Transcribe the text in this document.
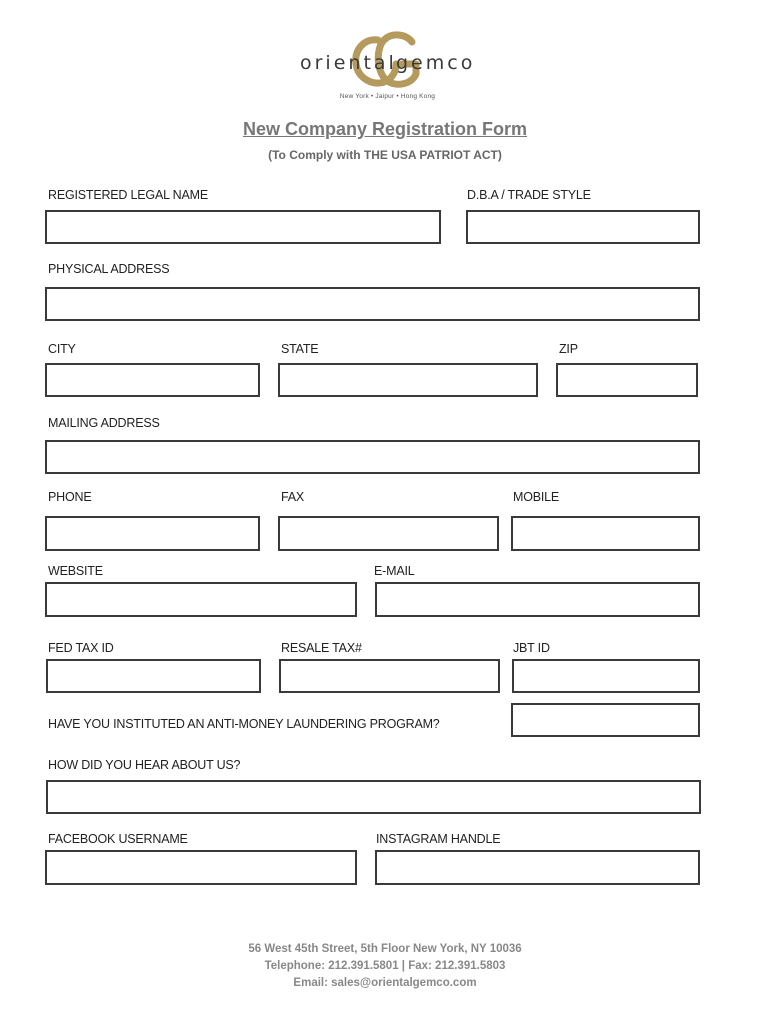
oriental gemco
New York • Jaipur • Hong Kong
New Company Registration Form
(To Comply with THE USA PATRIOT ACT)
REGISTERED LEGAL NAME	D.B.A / TRADE STYLE
PHYSICAL ADDRESS
CITY	STATE	ZIP
MAILING ADDRESS
PHONE	FAX	MOBILE
WEBSITE	E-MAIL
FED TAX ID	RESALE TAX#	JBT ID
HAVE YOU INSTITUTED AN ANTI-MONEY LAUNDERING PROGRAM?
HOW DID YOU HEAR ABOUT US?
FACEBOOK USERNAME	INSTAGRAM HANDLE
56 West 45th Street, 5th Floor New York, NY 10036
Telephone: 212.391.5801 | Fax: 212.391.5803
Email: sales@orientalgemco.com
